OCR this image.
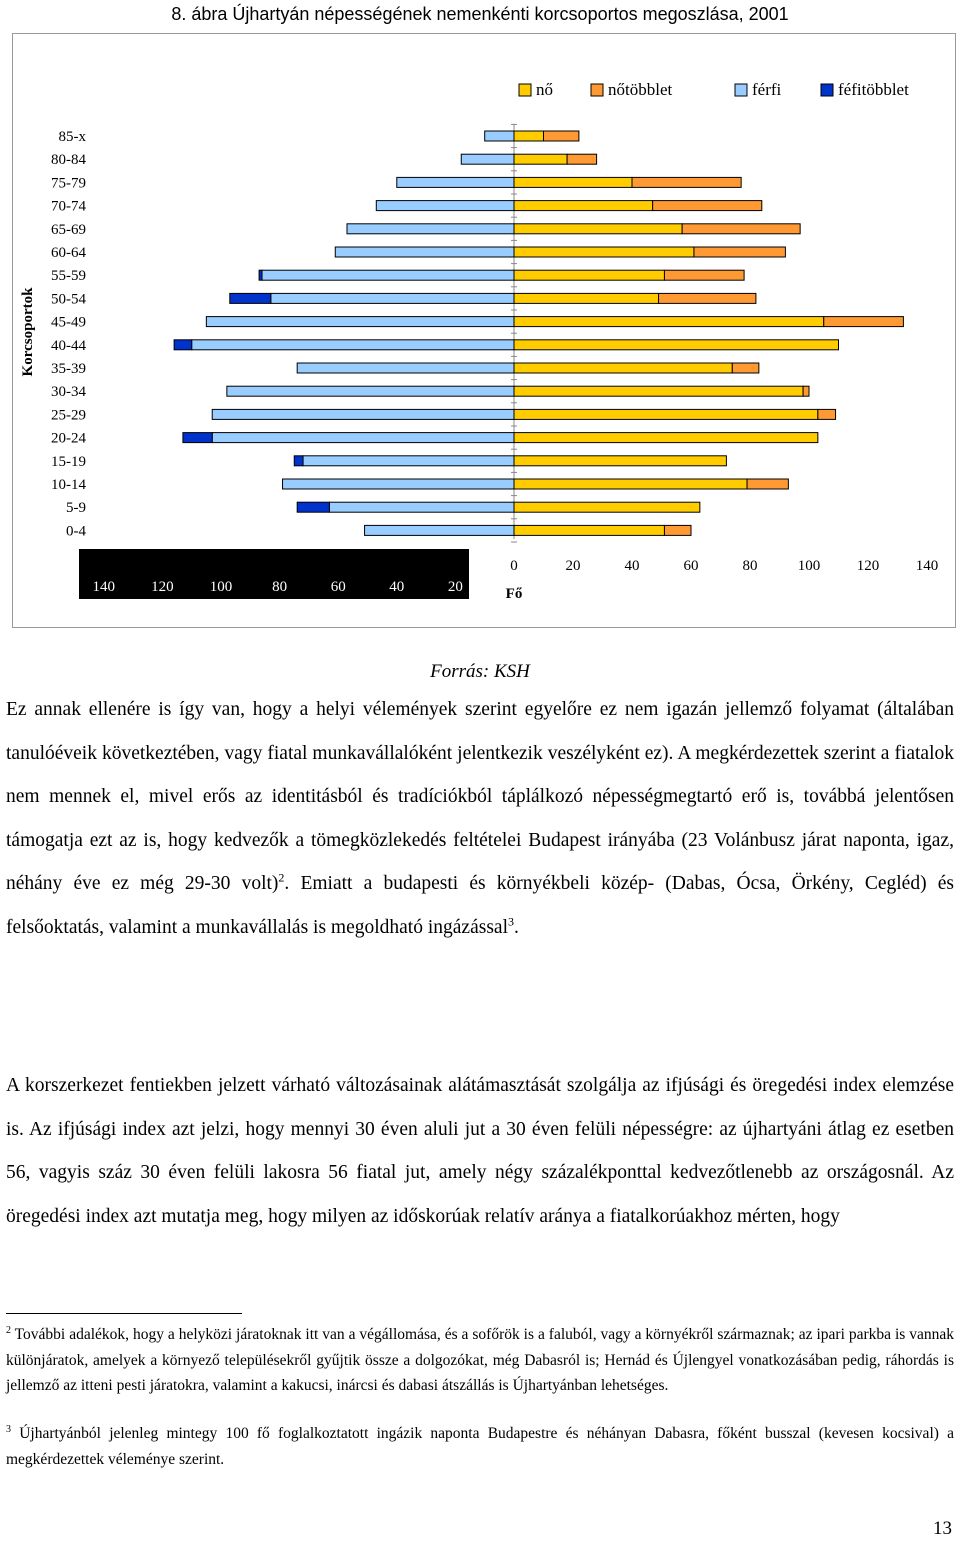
8. ábra Újhartyán népességének nemenkénti korcsoportos megoszlása, 2001
85-x
80-84
75-79
70-74
65-69
60-64
55-59
50-54
45-49
40-44
35-39
30-34
25-29
20-24
15-19
10-14
5-9
0-4
Korcsoportok
140 120 100	80	60	40	20
0	20	40	60	80	100 120 140
Fő
nő	nőtöbblet	férfi	féfitöbblet
Forrás: KSH

Ez annak ellenére is így van, hogy a helyi vélemények szerint egyelőre ez nem igazán jellemző folyamat (általában tanulóéveik következtében, vagy fiatal munkavállalóként jelentkezik veszélyként ez). A megkérdezettek szerint a fiatalok nem mennek el, mivel erős az identitásból és tradíciókból táplálkozó népességmegtartó erő is, továbbá jelentősen támogatja ezt az is, hogy kedvezők a tömegközlekedés feltételei Budapest irányába (23 Volánbusz járat naponta, igaz, néhány éve ez még 29-30 volt)$^2$. Emiatt a budapesti és környékbeli közép- (Dabas, Ócsa, Örkény, Cegléd) és felsőoktatás, valamint a munkavállalás is megoldható ingázással$^3$.

A korszerkezet fentiekben jelzett várható változásainak alátámasztását szolgálja az ifjúsági és öregedési index elemzése is. Az ifjúsági index azt jelzi, hogy mennyi 30 éven aluli jut a 30 éven felüli népességre: az újhartyáni átlag ez esetben 56, vagyis száz 30 éven felüli lakosra 56 fiatal jut, amely négy százalékponttal kedvezőtlenebb az országosnál. Az öregedési index azt mutatja meg, hogy milyen az időskorúak relatív aránya a fiatalkorúakhoz mérten, hogy

$^2$ További adalékok, hogy a helyközi járatoknak itt van a végállomása, és a sofőrök is a faluból, vagy a környékről származnak; az ipari parkba is vannak különjáratok, amelyek a környező településekről gyűjtik össze a dolgozókat, még Dabasról is; Hernád és Újlengyel vonatkozásában pedig, ráhordás is jellemző az itteni pesti járatokra, valamint a kakucsi, inárcsi és dabasi átszállás is Újhartyánban lehetséges.

$^3$ Újhartyánból jelenleg mintegy 100 fő foglalkoztatott ingázik naponta Budapestre és néhányan Dabasra, főként busszal (kevesen kocsival) a megkérdezettek véleménye szerint.

13
